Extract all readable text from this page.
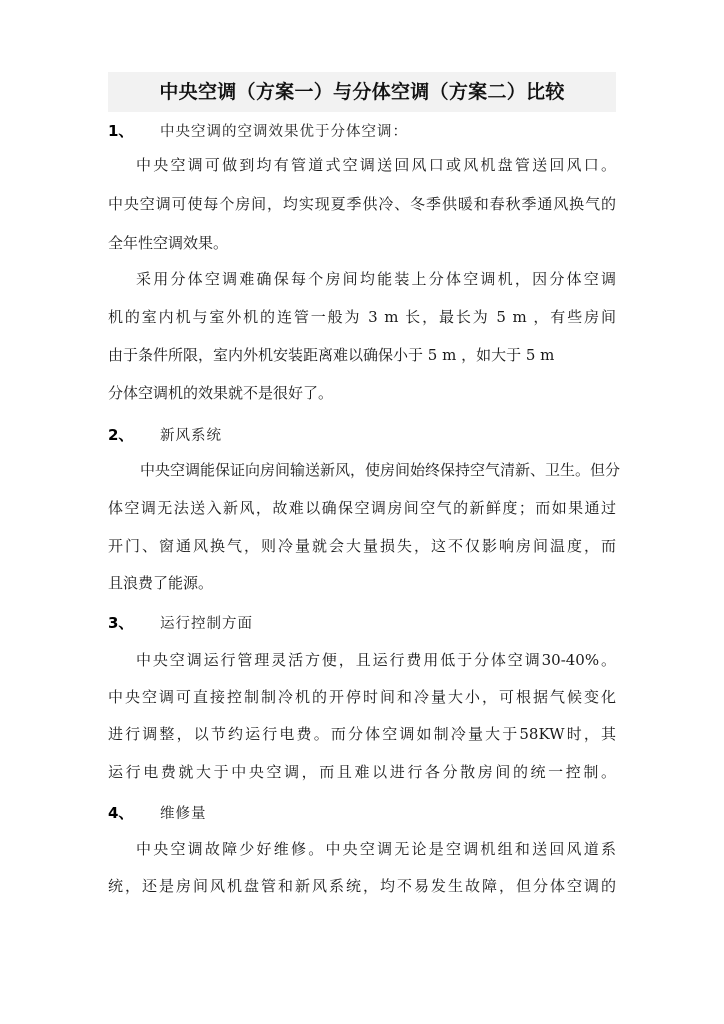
中央空调（方案一）与分体空调（方案二）比较
1、 中央空调的空调效果优于分体空调：
中央空调可做到均有管道式空调送回风口或风机盘管送回风口。
中央空调可使每个房间，均实现夏季供冷、冬季供暖和春秋季通风换气的
全年性空调效果。
采用分体空调难确保每个房间均能装上分体空调机，因分体空调
机的室内机与室外机的连管一般为 3 m 长，最长为 5 m ，有些房间
由于条件所限，室内外机安装距离难以确保小于 5 m ，如大于 5 m
分体空调机的效果就不是很好了。
2、 新风系统
中央空调能保证向房间输送新风，使房间始终保持空气清新、卫生。但分
体空调无法送入新风，故难以确保空调房间空气的新鲜度；而如果通过
开门、窗通风换气，则冷量就会大量损失，这不仅影响房间温度，而
且浪费了能源。
3、 运行控制方面
中央空调运行管理灵活方便，且运行费用低于分体空调30-40%。
中央空调可直接控制制冷机的开停时间和冷量大小，可根据气候变化
进行调整，以节约运行电费。而分体空调如制冷量大于58KW时，其
运行电费就大于中央空调，而且难以进行各分散房间的统一控制。
4、 维修量
中央空调故障少好维修。中央空调无论是空调机组和送回风道系
统，还是房间风机盘管和新风系统，均不易发生故障，但分体空调的
